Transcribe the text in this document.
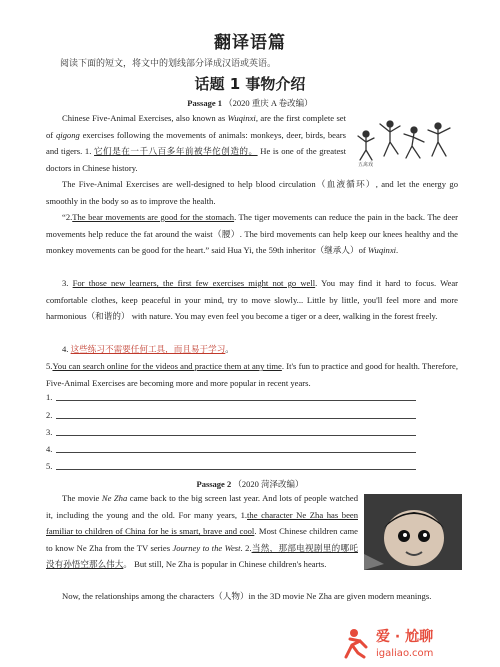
翻译语篇
阅读下面的短文，将文中的划线部分译成汉语或英语。
话题 1 事物介绍
Passage 1 （2020 重庆 A 卷改编）
五禽戏
Chinese Five-Animal Exercises, also known as Wuqinxi, are the first complete set of qigong exercises following the movements of animals: monkeys, deer, birds, bears and tigers. 1. 它们是在一千八百多年前被华佗创造的。 He is one of the greatest doctors in Chinese history.
The Five-Animal Exercises are well-designed to help blood circulation（血液循环）, and let the energy go smoothly in the body so as to improve the health.
“2.The bear movements are good for the stomach. The tiger movements can reduce the pain in the back. The deer movements help reduce the fat around the waist（腰）. The bird movements can help keep our knees healthy and the monkey movements can be good for the heart.” said Hua Yi, the 59th inheritor（继承人）of Wuqinxi.
3. For those new learners, the first few exercises might not go well. You may find it hard to focus. Wear comfortable clothes, keep peaceful in your mind, try to move slowly... Little by little, you'll feel more and more harmonious（和谐的） with nature. You may even feel you become a tiger or a deer, walking in the forest freely.
4. 这些练习不需要任何工具，而且易于学习。
5.You can search online for the videos and practice them at any time. It's fun to practice and good for health. Therefore, Five-Animal Exercises are becoming more and more popular in recent years.
1.
2.
3.
4.
5.
Passage 2 （2020 菏泽改编）
The movie Ne Zha came back to the big screen last year. And lots of people watched it, including the young and the old. For many years, 1.the character Ne Zha has been familiar to children of China for he is smart, brave and cool. Most Chinese children came to know Ne Zha from the TV series Journey to the West. 2.当然，那部电视剧里的哪吒没有孙悟空那么伟大。 But still, Ne Zha is popular in Chinese children's hearts.
Now, the relationships among the characters（人物）in the 3D movie Ne Zha are given modern meanings.
爱 · 尬聊
igaliao.com
